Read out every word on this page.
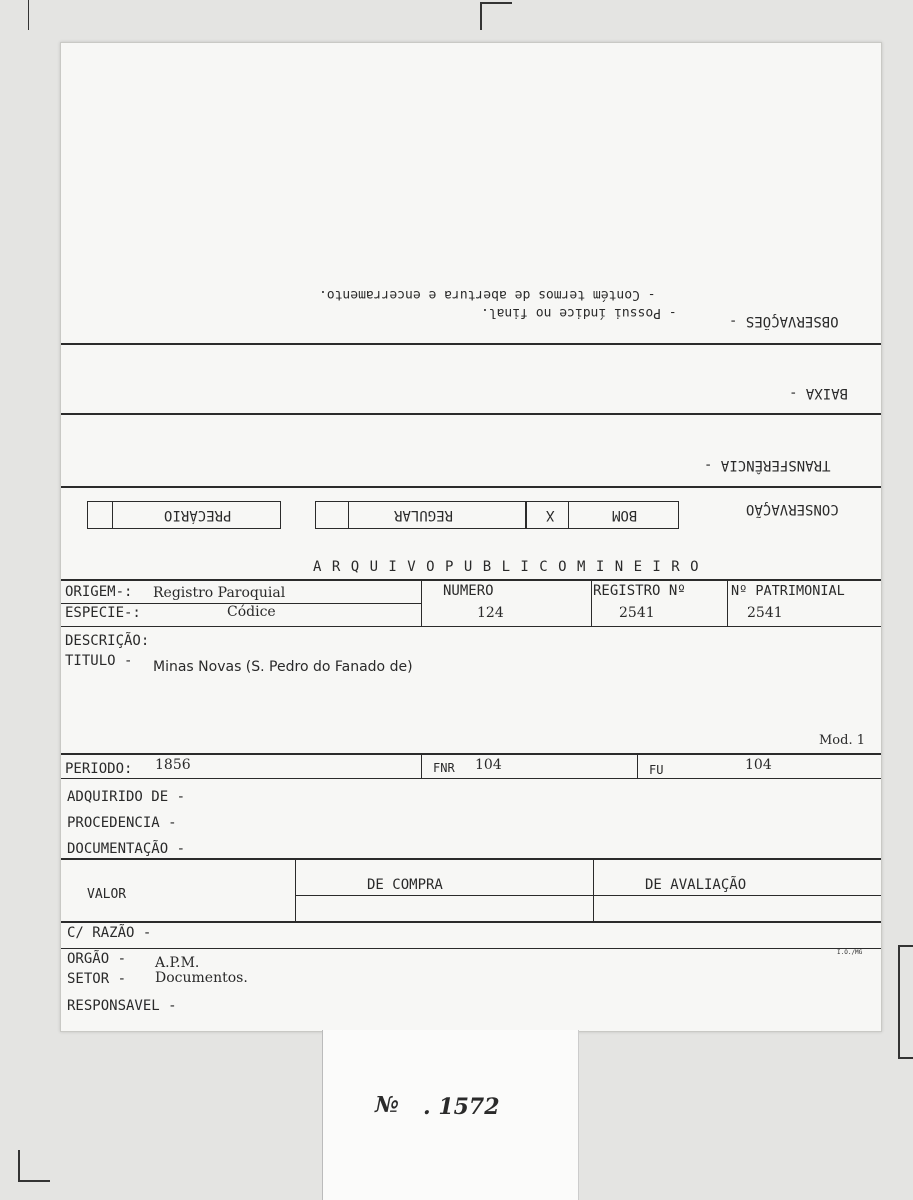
OBSERVAÇÕES -
- Possui índice no final.
- Contém termos de abertura e encerramento.
BAIXA -
TRANSFERÊNCIA -
CONSERVAÇÃO
X	BOM
REGULAR
PRECÁRIO
A R Q U I V O P U B L I C O M I N E I R O
ORIGEM-: Registro Paroquial	NUMERO	REGISTRO Nº	Nº PATRIMONIAL
ESPECIE-:	Códice	124	2541	2541
DESCRIÇÃO:
TITULO - Minas Novas (S. Pedro do Fanado de)
Mod. 1
PERIODO: 1856	FNR 104	FU	104
ADQUIRIDO DE -
PROCEDENCIA -
DOCUMENTAÇÃO -
VALOR
DE COMPRA	DE AVALIAÇÃO
C/ RAZÃO -
I.O./MG
ORGÃO - A.P.M.
SETOR - Documentos.
RESPONSAVEL -
№ . 1572
